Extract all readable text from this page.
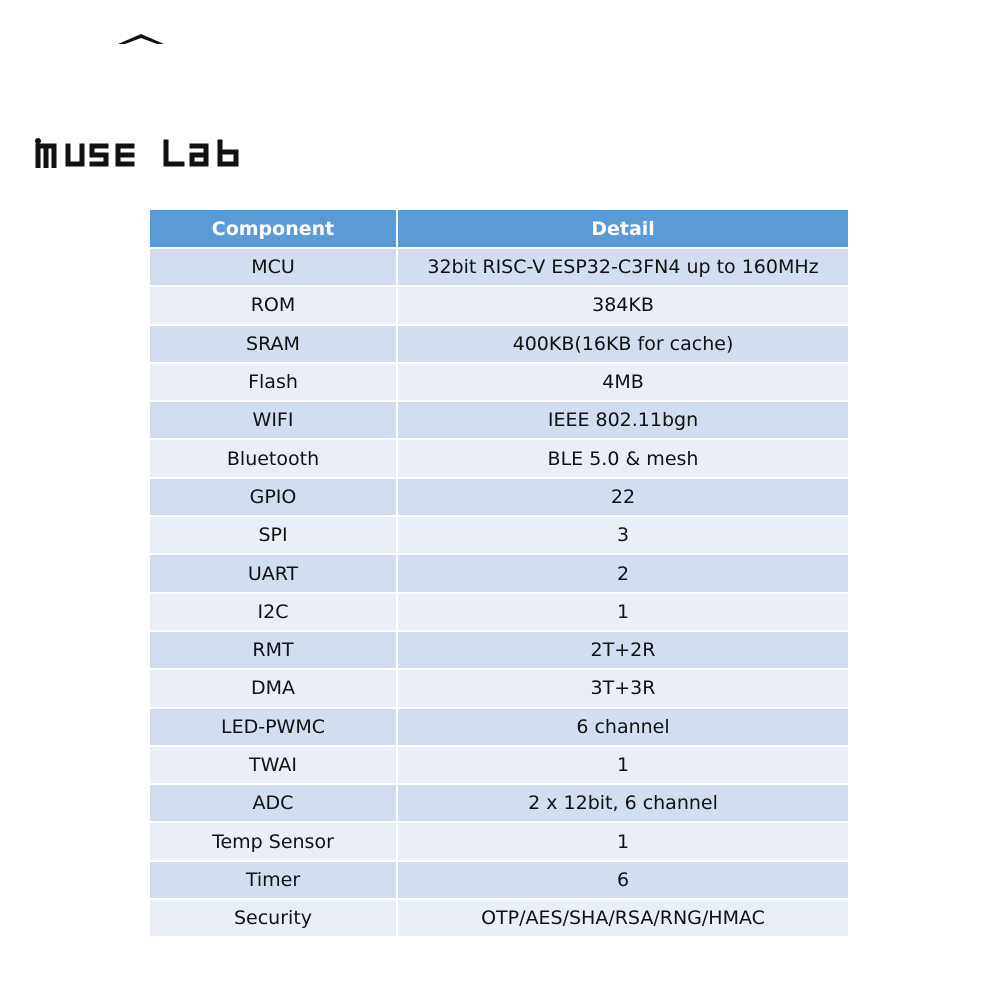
Component	Detail
MCU	32bit RISC-V ESP32-C3FN4 up to 160MHz
ROM	384KB
SRAM	400KB(16KB for cache)
Flash	4MB
WIFI	IEEE 802.11bgn
Bluetooth	BLE 5.0 & mesh
GPIO	22
SPI	3
UART	2
I2C	1
RMT	2T+2R
DMA	3T+3R
LED-PWMC	6 channel
TWAI	1
ADC	2 x 12bit, 6 channel
Temp Sensor	1
Timer	6
Security	OTP/AES/SHA/RSA/RNG/HMAC
